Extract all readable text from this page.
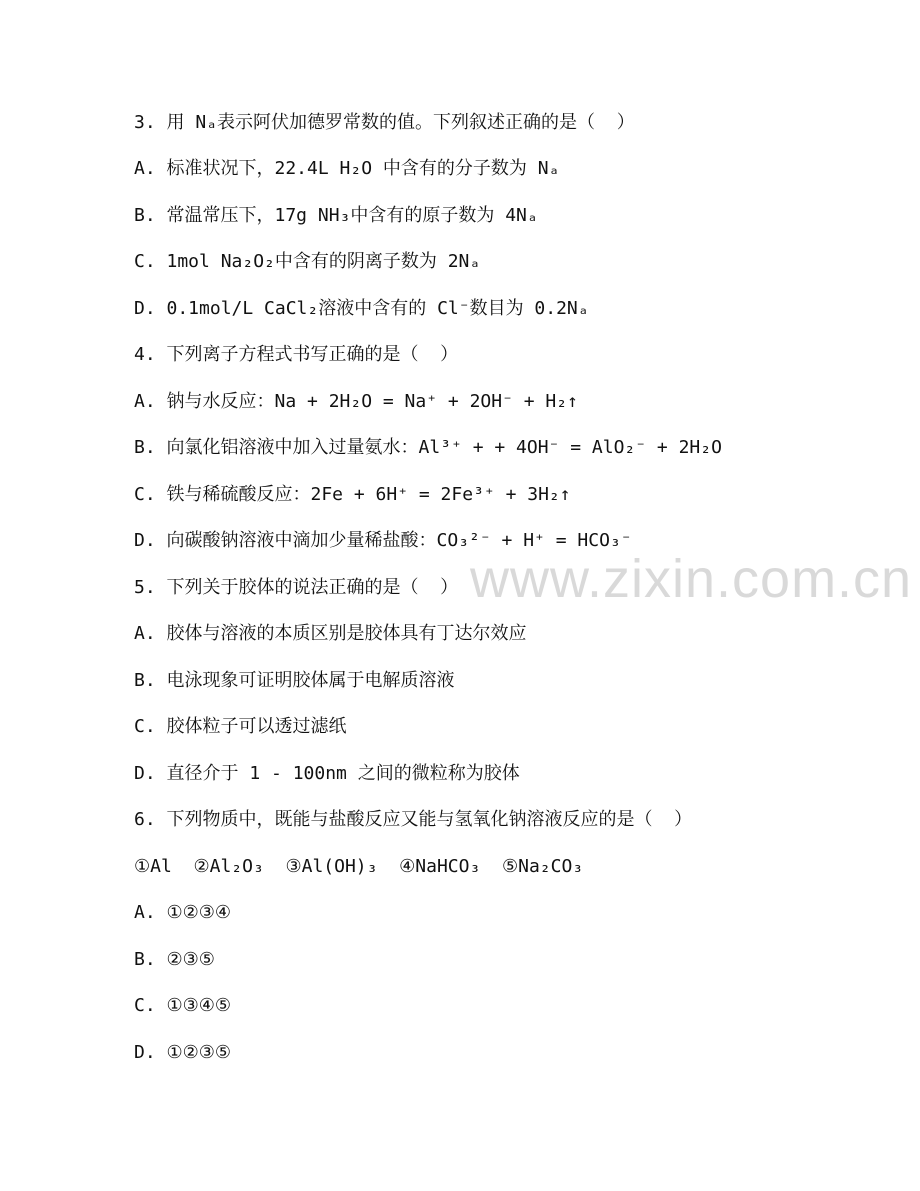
www.zixin.com.cn
3. 用 Nₐ表示阿伏加德罗常数的值。下列叙述正确的是（  ）
A. 标准状况下，22.4L H₂O 中含有的分子数为 Nₐ
B. 常温常压下，17g NH₃中含有的原子数为 4Nₐ
C. 1mol Na₂O₂中含有的阴离子数为 2Nₐ
D. 0.1mol/L CaCl₂溶液中含有的 Cl⁻数目为 0.2Nₐ
4. 下列离子方程式书写正确的是（  ）
A. 钠与水反应：Na + 2H₂O = Na⁺ + 2OH⁻ + H₂↑
B. 向氯化铝溶液中加入过量氨水：Al³⁺ + + 4OH⁻ = AlO₂⁻ + 2H₂O
C. 铁与稀硫酸反应：2Fe + 6H⁺ = 2Fe³⁺ + 3H₂↑
D. 向碳酸钠溶液中滴加少量稀盐酸：CO₃²⁻ + H⁺ = HCO₃⁻
5. 下列关于胶体的说法正确的是（  ）
A. 胶体与溶液的本质区别是胶体具有丁达尔效应
B. 电泳现象可证明胶体属于电解质溶液
C. 胶体粒子可以透过滤纸
D. 直径介于 1 - 100nm 之间的微粒称为胶体
6. 下列物质中，既能与盐酸反应又能与氢氧化钠溶液反应的是（  ）
①Al  ②Al₂O₃  ③Al(OH)₃  ④NaHCO₃  ⑤Na₂CO₃
A. ①②③④
B. ②③⑤
C. ①③④⑤
D. ①②③⑤
